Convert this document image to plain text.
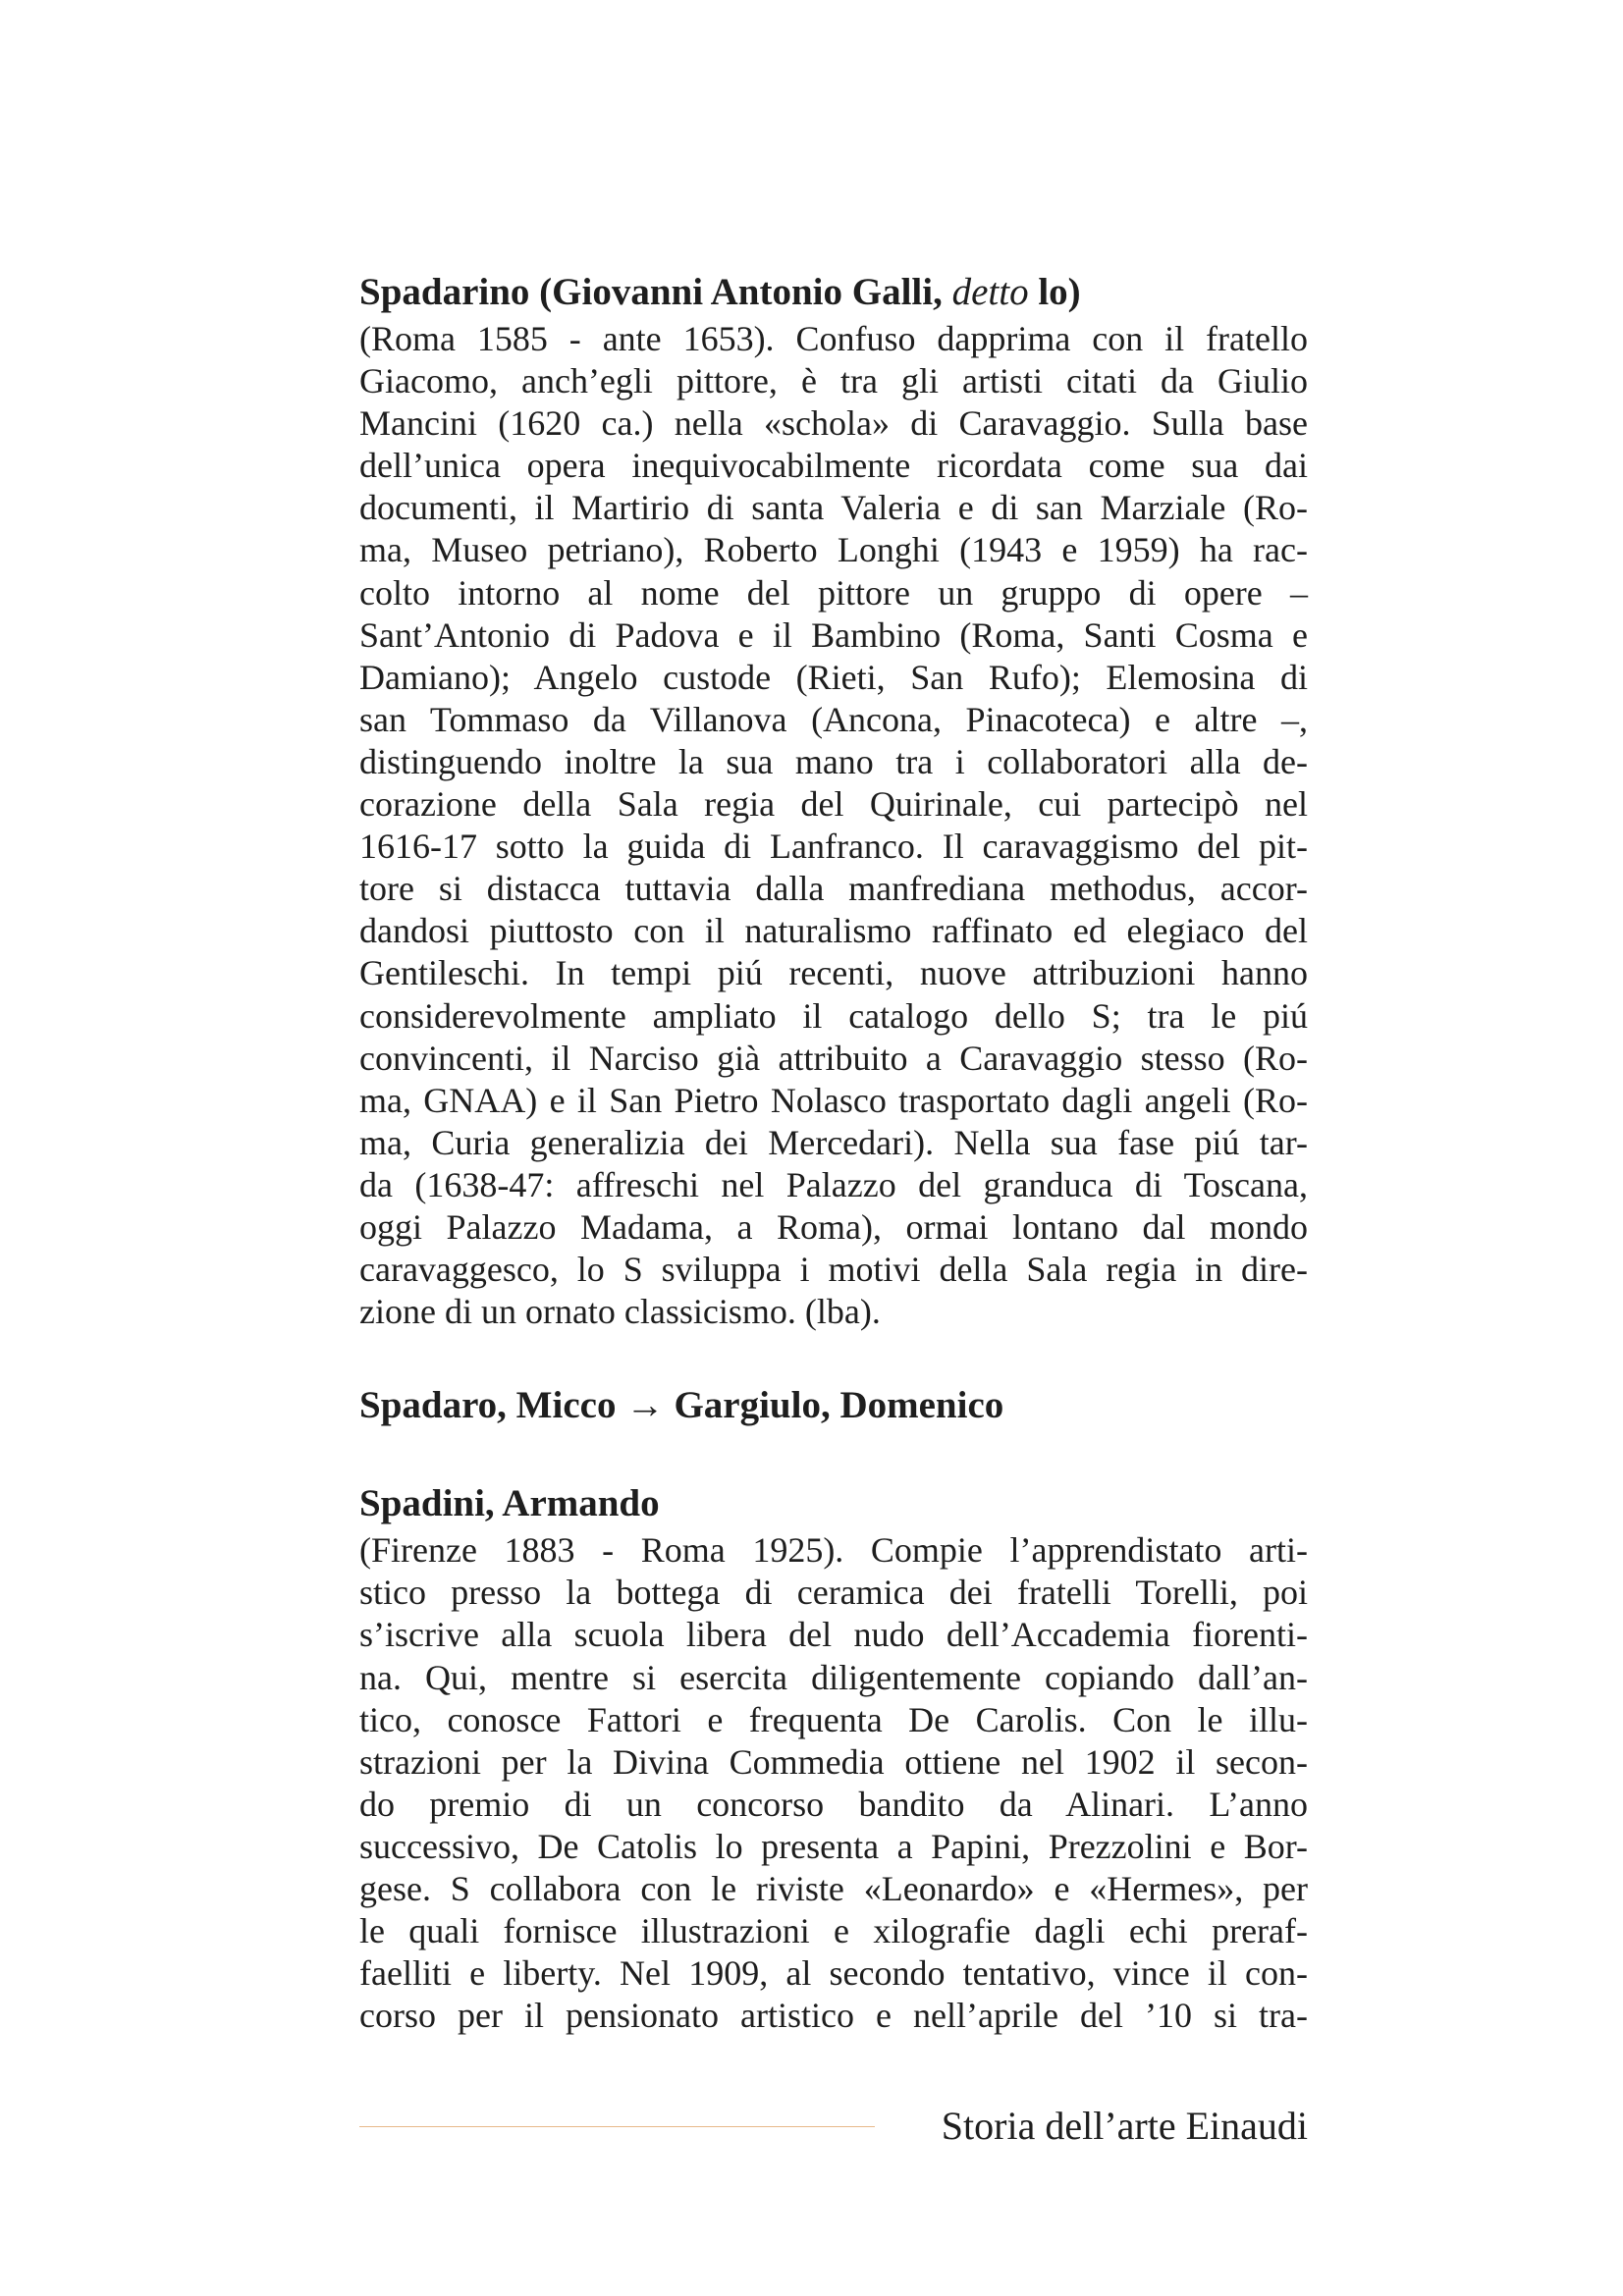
Spadarino (Giovanni Antonio Galli, detto lo)
(Roma 1585 - ante 1653). Confuso dapprima con il fratello
Giacomo, anch’egli pittore, è tra gli artisti citati da Giulio
Mancini (1620 ca.) nella «schola» di Caravaggio. Sulla base
dell’unica opera inequivocabilmente ricordata come sua dai
documenti, il Martirio di santa Valeria e di san Marziale (Ro-
ma, Museo petriano), Roberto Longhi (1943 e 1959) ha rac-
colto intorno al nome del pittore un gruppo di opere –
Sant’Antonio di Padova e il Bambino (Roma, Santi Cosma e
Damiano); Angelo custode (Rieti, San Rufo); Elemosina di
san Tommaso da Villanova (Ancona, Pinacoteca) e altre –,
distinguendo inoltre la sua mano tra i collaboratori alla de-
corazione della Sala regia del Quirinale, cui partecipò nel
1616-17 sotto la guida di Lanfranco. Il caravaggismo del pit-
tore si distacca tuttavia dalla manfrediana methodus, accor-
dandosi piuttosto con il naturalismo raffinato ed elegiaco del
Gentileschi. In tempi piú recenti, nuove attribuzioni hanno
considerevolmente ampliato il catalogo dello S; tra le piú
convincenti, il Narciso già attribuito a Caravaggio stesso (Ro-
ma, GNAA) e il San Pietro Nolasco trasportato dagli angeli (Ro-
ma, Curia generalizia dei Mercedari). Nella sua fase piú tar-
da (1638-47: affreschi nel Palazzo del granduca di Toscana,
oggi Palazzo Madama, a Roma), ormai lontano dal mondo
caravaggesco, lo S sviluppa i motivi della Sala regia in dire-
zione di un ornato classicismo. (lba).
Spadaro, Micco → Gargiulo, Domenico
Spadini, Armando
(Firenze 1883 - Roma 1925). Compie l’apprendistato arti-
stico presso la bottega di ceramica dei fratelli Torelli, poi
s’iscrive alla scuola libera del nudo dell’Accademia fiorenti-
na. Qui, mentre si esercita diligentemente copiando dall’an-
tico, conosce Fattori e frequenta De Carolis. Con le illu-
strazioni per la Divina Commedia ottiene nel 1902 il secon-
do premio di un concorso bandito da Alinari. L’anno
successivo, De Catolis lo presenta a Papini, Prezzolini e Bor-
gese. S collabora con le riviste «Leonardo» e «Hermes», per
le quali fornisce illustrazioni e xilografie dagli echi preraf-
faelliti e liberty. Nel 1909, al secondo tentativo, vince il con-
corso per il pensionato artistico e nell’aprile del ’10 si tra-
Storia dell’arte Einaudi
